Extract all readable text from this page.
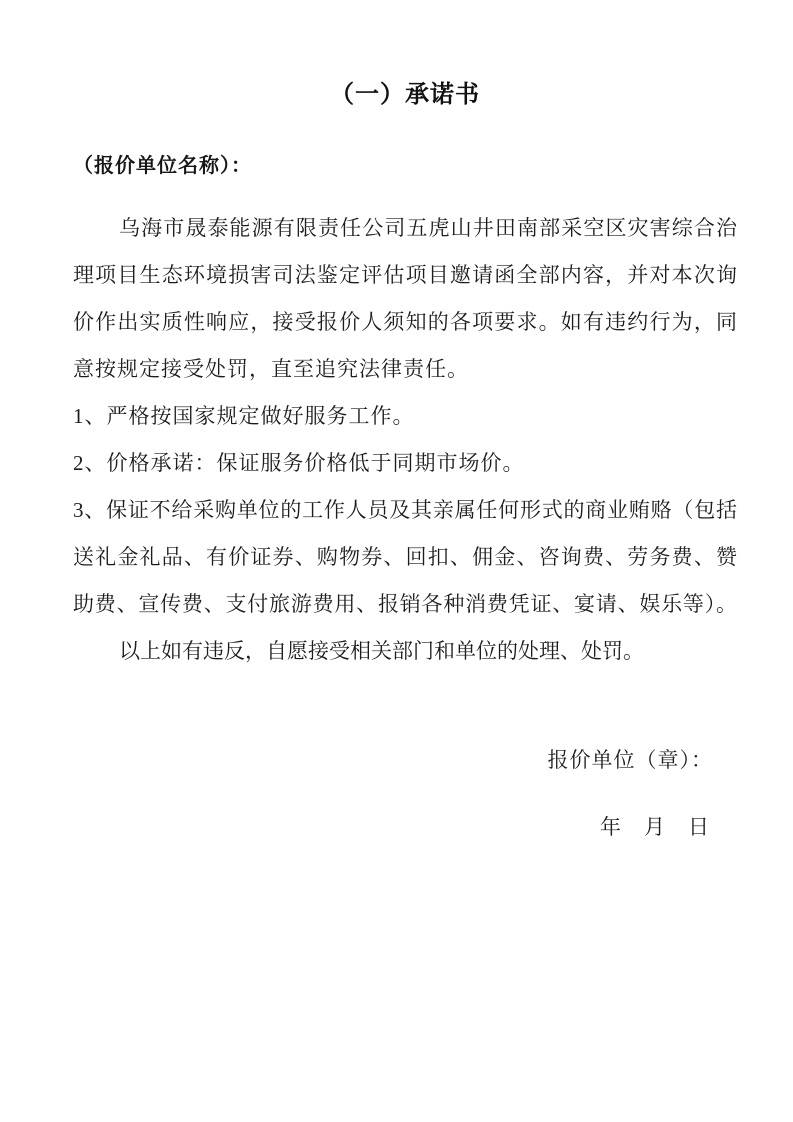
（一）承诺书
（报价单位名称）：
乌海市晟泰能源有限责任公司五虎山井田南部采空区灾害综合治
理项目生态环境损害司法鉴定评估项目邀请函全部内容，并对本次询
价作出实质性响应，接受报价人须知的各项要求。如有违约行为，同
意按规定接受处罚，直至追究法律责任。
1、严格按国家规定做好服务工作。
2、价格承诺：保证服务价格低于同期市场价。
3、保证不给采购单位的工作人员及其亲属任何形式的商业贿赂（包括
送礼金礼品、有价证券、购物券、回扣、佣金、咨询费、劳务费、赞
助费、宣传费、支付旅游费用、报销各种消费凭证、宴请、娱乐等）。
以上如有违反，自愿接受相关部门和单位的处理、处罚。
报价单位（章）：
年　月　日
